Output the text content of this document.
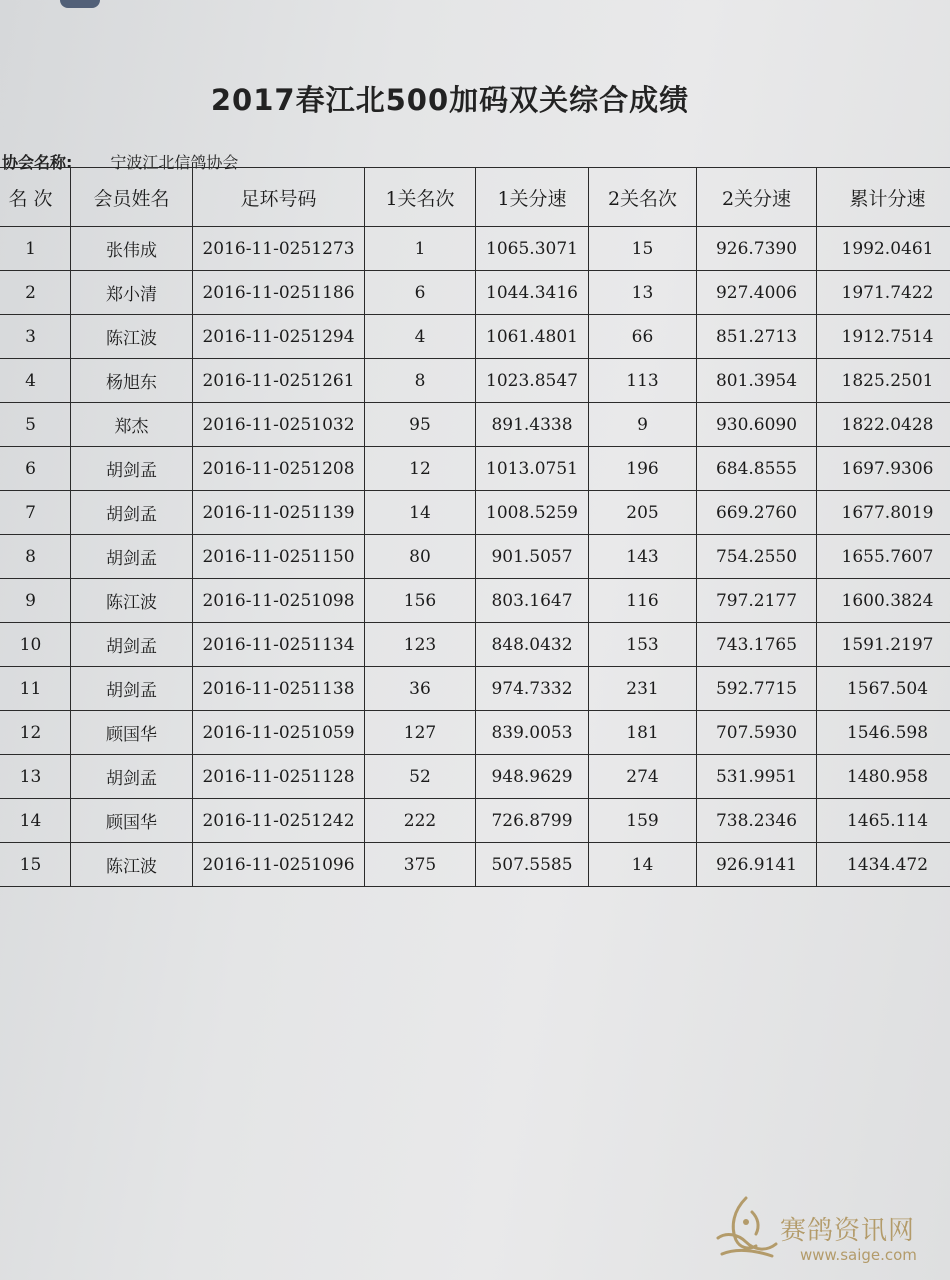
2017春江北500加码双关综合成绩
协会名称: 宁波江北信鸽协会
名 次	会员姓名	足环号码	1关名次	1关分速	2关名次	2关分速	累计分速
1	张伟成	2016-11-0251273	1	1065.3071	15	926.7390	1992.0461
2	郑小清	2016-11-0251186	6	1044.3416	13	927.4006	1971.7422
3	陈江波	2016-11-0251294	4	1061.4801	66	851.2713	1912.7514
4	杨旭东	2016-11-0251261	8	1023.8547	113	801.3954	1825.2501
5	郑杰	2016-11-0251032	95	891.4338	9	930.6090	1822.0428
6	胡剑孟	2016-11-0251208	12	1013.0751	196	684.8555	1697.9306
7	胡剑孟	2016-11-0251139	14	1008.5259	205	669.2760	1677.8019
8	胡剑孟	2016-11-0251150	80	901.5057	143	754.2550	1655.7607
9	陈江波	2016-11-0251098	156	803.1647	116	797.2177	1600.3824
10	胡剑孟	2016-11-0251134	123	848.0432	153	743.1765	1591.2197
11	胡剑孟	2016-11-0251138	36	974.7332	231	592.7715	1567.504
12	顾国华	2016-11-0251059	127	839.0053	181	707.5930	1546.598
13	胡剑孟	2016-11-0251128	52	948.9629	274	531.9951	1480.958
14	顾国华	2016-11-0251242	222	726.8799	159	738.2346	1465.114
15	陈江波	2016-11-0251096	375	507.5585	14	926.9141	1434.472
赛鸽资讯网
www.saige.com
